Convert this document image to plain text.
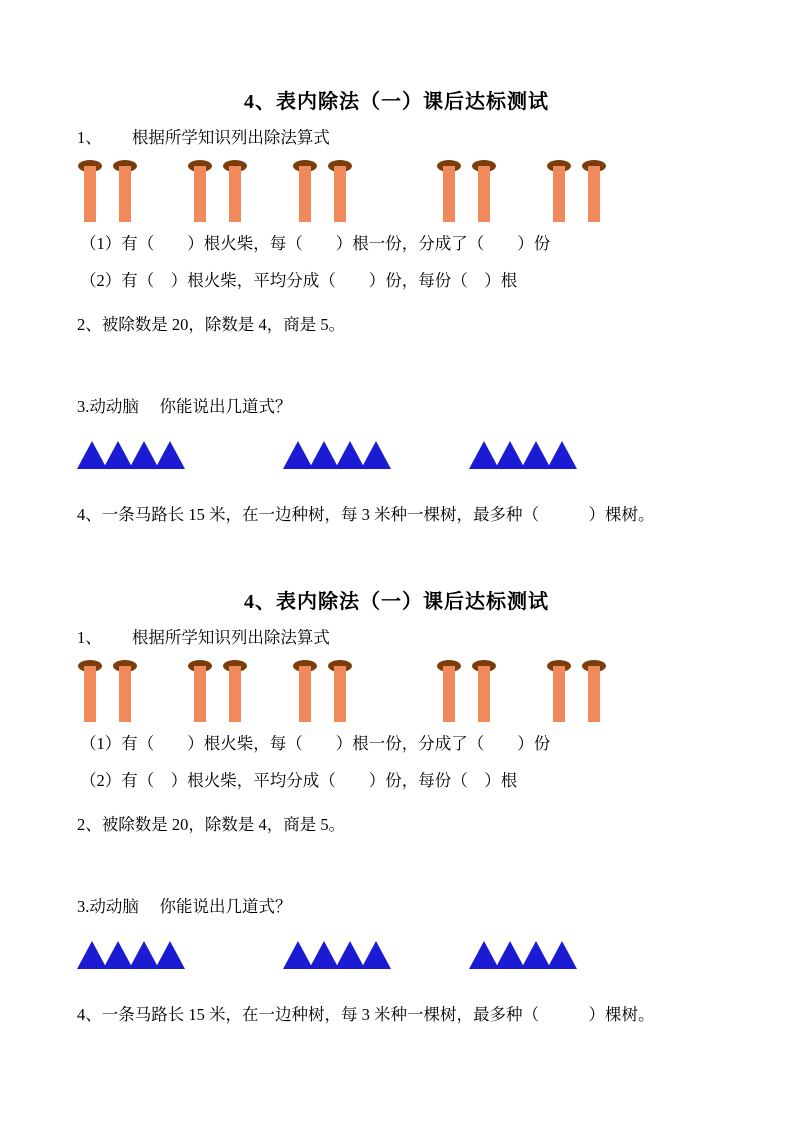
4、表内除法（一）课后达标测试

1、 根据所学知识列出除法算式

（1）有（　　）根火柴，每（　　）根一份，分成了（　　）份

（2）有（　）根火柴，平均分成（　　）份，每份（　）根

2、被除数是 20，除数是 4，商是 5。

3.动动脑　 你能说出几道式？

4、一条马路长 15 米，在一边种树，每 3 米种一棵树，最多种（　　　）棵树。

4、表内除法（一）课后达标测试

1、 根据所学知识列出除法算式

（1）有（　　）根火柴，每（　　）根一份，分成了（　　）份

（2）有（　）根火柴，平均分成（　　）份，每份（　）根

2、被除数是 20，除数是 4，商是 5。

3.动动脑　 你能说出几道式？

4、一条马路长 15 米，在一边种树，每 3 米种一棵树，最多种（　　　）棵树。
